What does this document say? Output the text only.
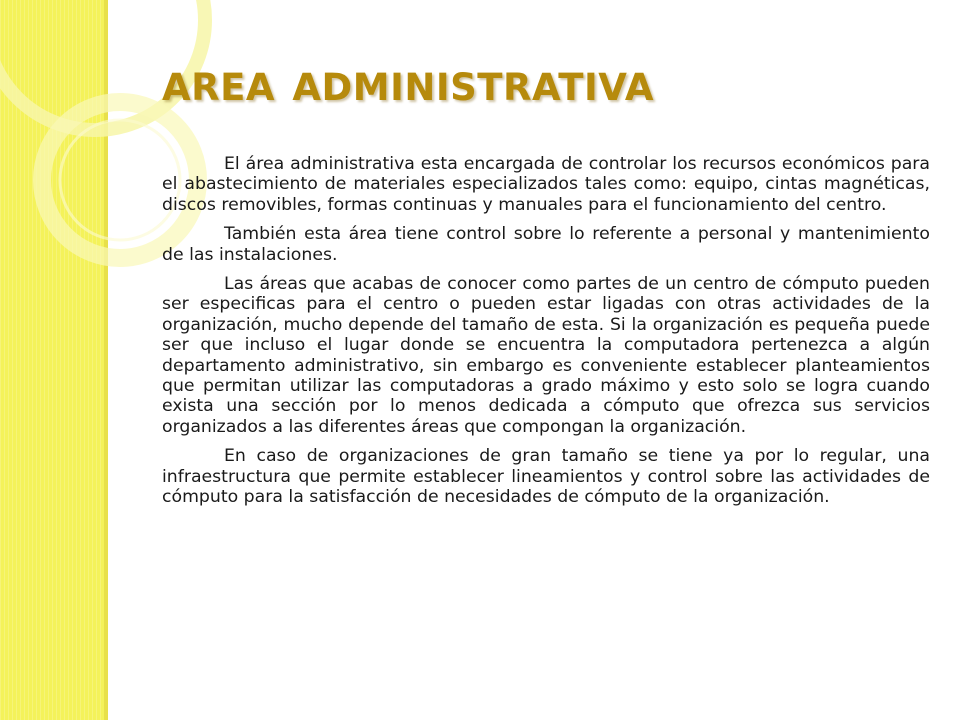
AREA ADMINISTRATIVA

El área administrativa esta encargada de controlar los recursos económicos para el abastecimiento de materiales especializados tales como: equipo, cintas magnéticas, discos removibles, formas continuas y manuales para el funcionamiento del centro.

También esta área tiene control sobre lo referente a personal y mantenimiento de las instalaciones.

Las áreas que acabas de conocer como partes de un centro de cómputo pueden ser especificas para el centro o pueden estar ligadas con otras actividades de la organización, mucho depende del tamaño de esta. Si la organización es pequeña puede ser que incluso el lugar donde se encuentra la computadora pertenezca a algún departamento administrativo, sin embargo es conveniente establecer planteamientos que permitan utilizar las computadoras a grado máximo y esto solo se logra cuando exista una sección por lo menos dedicada a cómputo que ofrezca sus servicios organizados a las diferentes áreas que compongan la organización.

En caso de organizaciones de gran tamaño se tiene ya por lo regular, una infraestructura que permite establecer lineamientos y control sobre las actividades de cómputo para la satisfacción de necesidades de cómputo de la organización.
